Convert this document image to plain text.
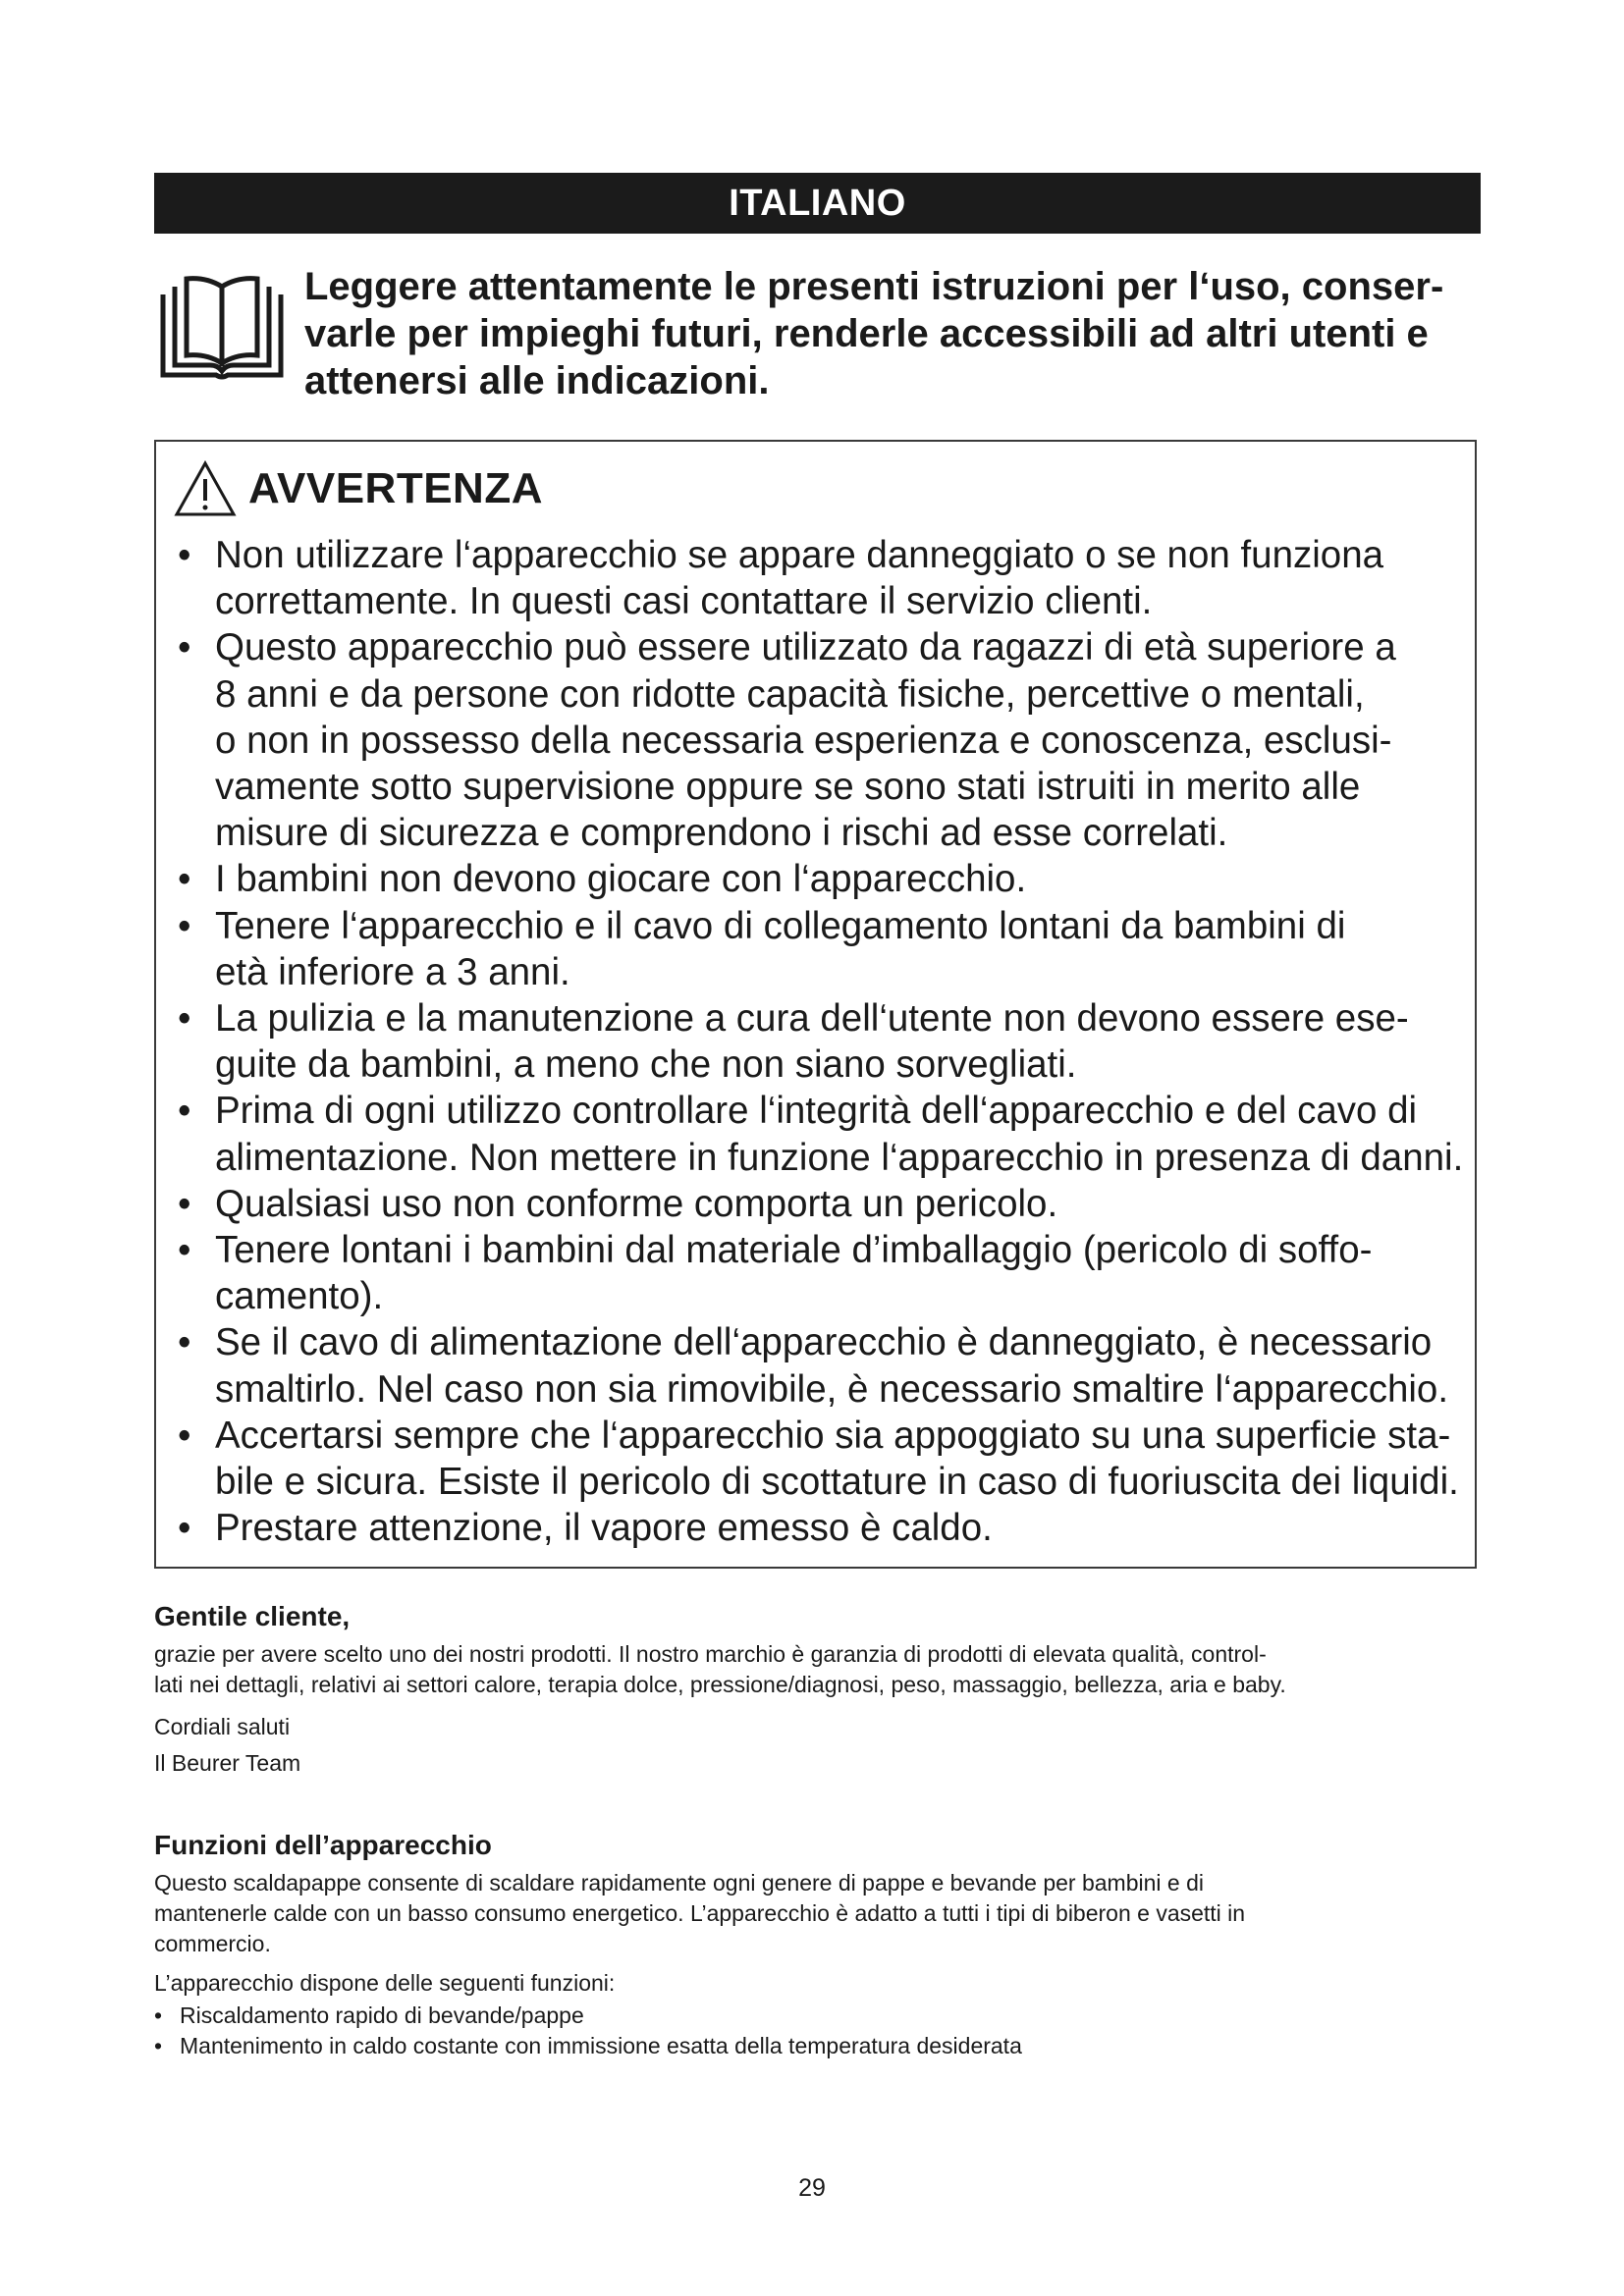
ITALIANO
Leggere attentamente le presenti istruzioni per l‘uso, conser-
varle per impieghi futuri, renderle accessibili ad altri utenti e
attenersi alle indicazioni.
AVVERTENZA
• Non utilizzare l‘apparecchio se appare danneggiato o se non funziona
correttamente. In questi casi contattare il servizio clienti.
• Questo apparecchio può essere utilizzato da ragazzi di età superiore a
8 anni e da persone con ridotte capacità fisiche, percettive o mentali,
o non in possesso della necessaria esperienza e conoscenza, esclusi-
vamente sotto supervisione oppure se sono stati istruiti in merito alle
misure di sicurezza e comprendono i rischi ad esse correlati.
• I bambini non devono giocare con l‘apparecchio.
• Tenere l‘apparecchio e il cavo di collegamento lontani da bambini di
età inferiore a 3 anni.
• La pulizia e la manutenzione a cura dell‘utente non devono essere ese-
guite da bambini, a meno che non siano sorvegliati.
• Prima di ogni utilizzo controllare l‘integrità dell‘apparecchio e del cavo di
alimentazione. Non mettere in funzione l‘apparecchio in presenza di danni.
• Qualsiasi uso non conforme comporta un pericolo.
• Tenere lontani i bambini dal materiale d’imballaggio (pericolo di soffo-
camento).
• Se il cavo di alimentazione dell‘apparecchio è danneggiato, è necessario
smaltirlo. Nel caso non sia rimovibile, è necessario smaltire l‘apparecchio.
• Accertarsi sempre che l‘apparecchio sia appoggiato su una superficie sta-
bile e sicura. Esiste il pericolo di scottature in caso di fuoriuscita dei liquidi.
• Prestare attenzione, il vapore emesso è caldo.
Gentile cliente,
grazie per avere scelto uno dei nostri prodotti. Il nostro marchio è garanzia di prodotti di elevata qualità, control-
lati nei dettagli, relativi ai settori calore, terapia dolce, pressione/diagnosi, peso, massaggio, bellezza, aria e baby.
Cordiali saluti
Il Beurer Team
Funzioni dell’apparecchio
Questo scaldapappe consente di scaldare rapidamente ogni genere di pappe e bevande per bambini e di
mantenerle calde con un basso consumo energetico. L’apparecchio è adatto a tutti i tipi di biberon e vasetti in
commercio.
L’apparecchio dispone delle seguenti funzioni:
• Riscaldamento rapido di bevande/pappe
• Mantenimento in caldo costante con immissione esatta della temperatura desiderata
29
